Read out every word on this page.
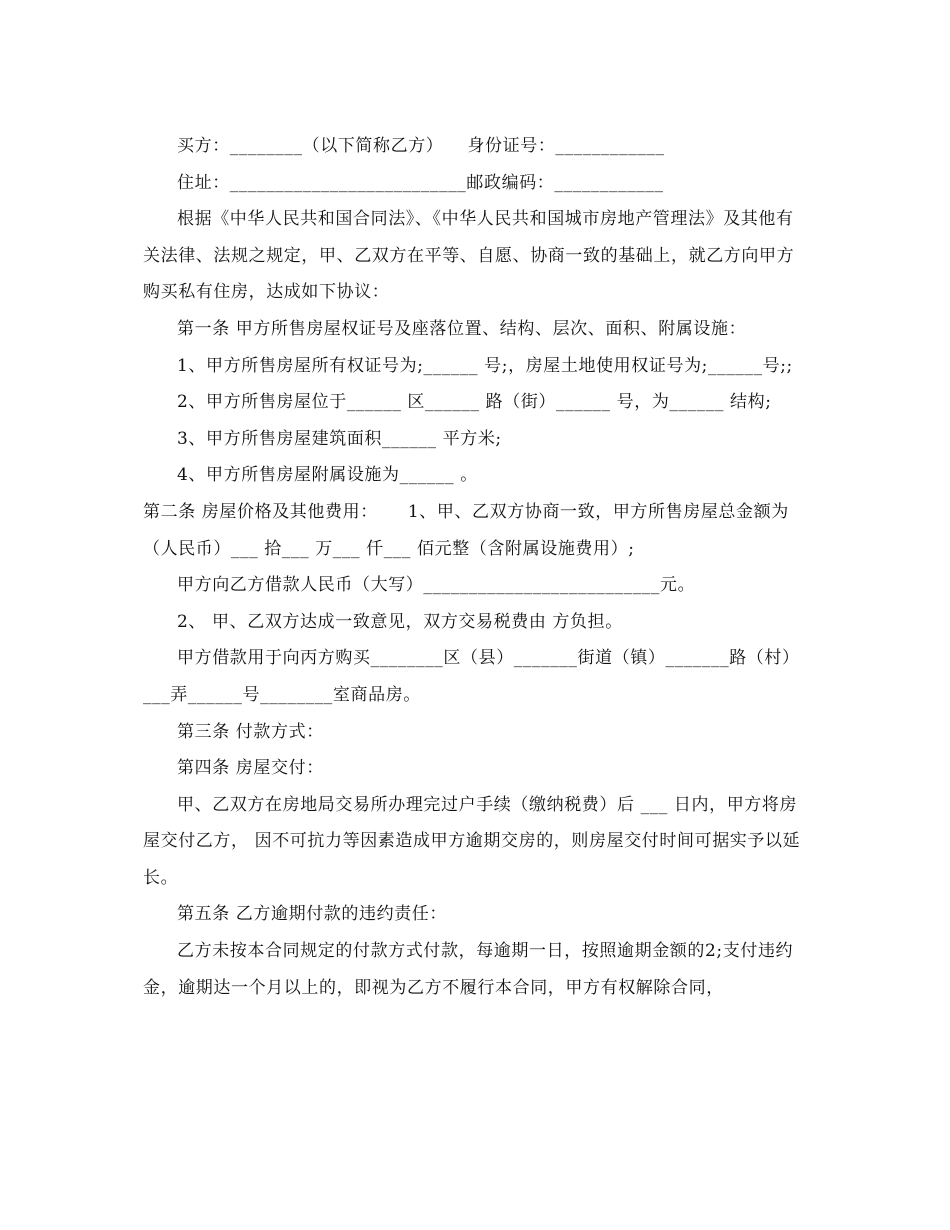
买方：________（以下简称乙方）    身份证号：____________

住址：__________________________邮政编码：____________

根据《中华人民共和国合同法》、《中华人民共和国城市房地产管理法》及其他有关法律、法规之规定，甲、乙双方在平等、自愿、协商一致的基础上，就乙方向甲方购买私有住房，达成如下协议：

第一条 甲方所售房屋权证号及座落位置、结构、层次、面积、附属设施：

1、甲方所售房屋所有权证号为;______ 号;，房屋土地使用权证号为;______号;;

2、甲方所售房屋位于______ 区______ 路（街）______ 号，为______ 结构;

3、甲方所售房屋建筑面积______ 平方米;

4、甲方所售房屋附属设施为______ 。

第二条 房屋价格及其他费用：     1、甲、乙双方协商一致，甲方所售房屋总金额为（人民币）___ 拾___ 万___ 仟___ 佰元整（含附属设施费用）;

甲方向乙方借款人民币（大写）__________________________元。

2、 甲、乙双方达成一致意见，双方交易税费由 方负担。

甲方借款用于向丙方购买________区（县）_______街道（镇）_______路（村）___弄______号________室商品房。

第三条 付款方式：

第四条 房屋交付：

甲、乙双方在房地局交易所办理完过户手续（缴纳税费）后 ___ 日内，甲方将房屋交付乙方， 因不可抗力等因素造成甲方逾期交房的，则房屋交付时间可据实予以延长。

第五条 乙方逾期付款的违约责任：

乙方未按本合同规定的付款方式付款，每逾期一日，按照逾期金额的2;支付违约金，逾期达一个月以上的，即视为乙方不履行本合同，甲方有权解除合同，
